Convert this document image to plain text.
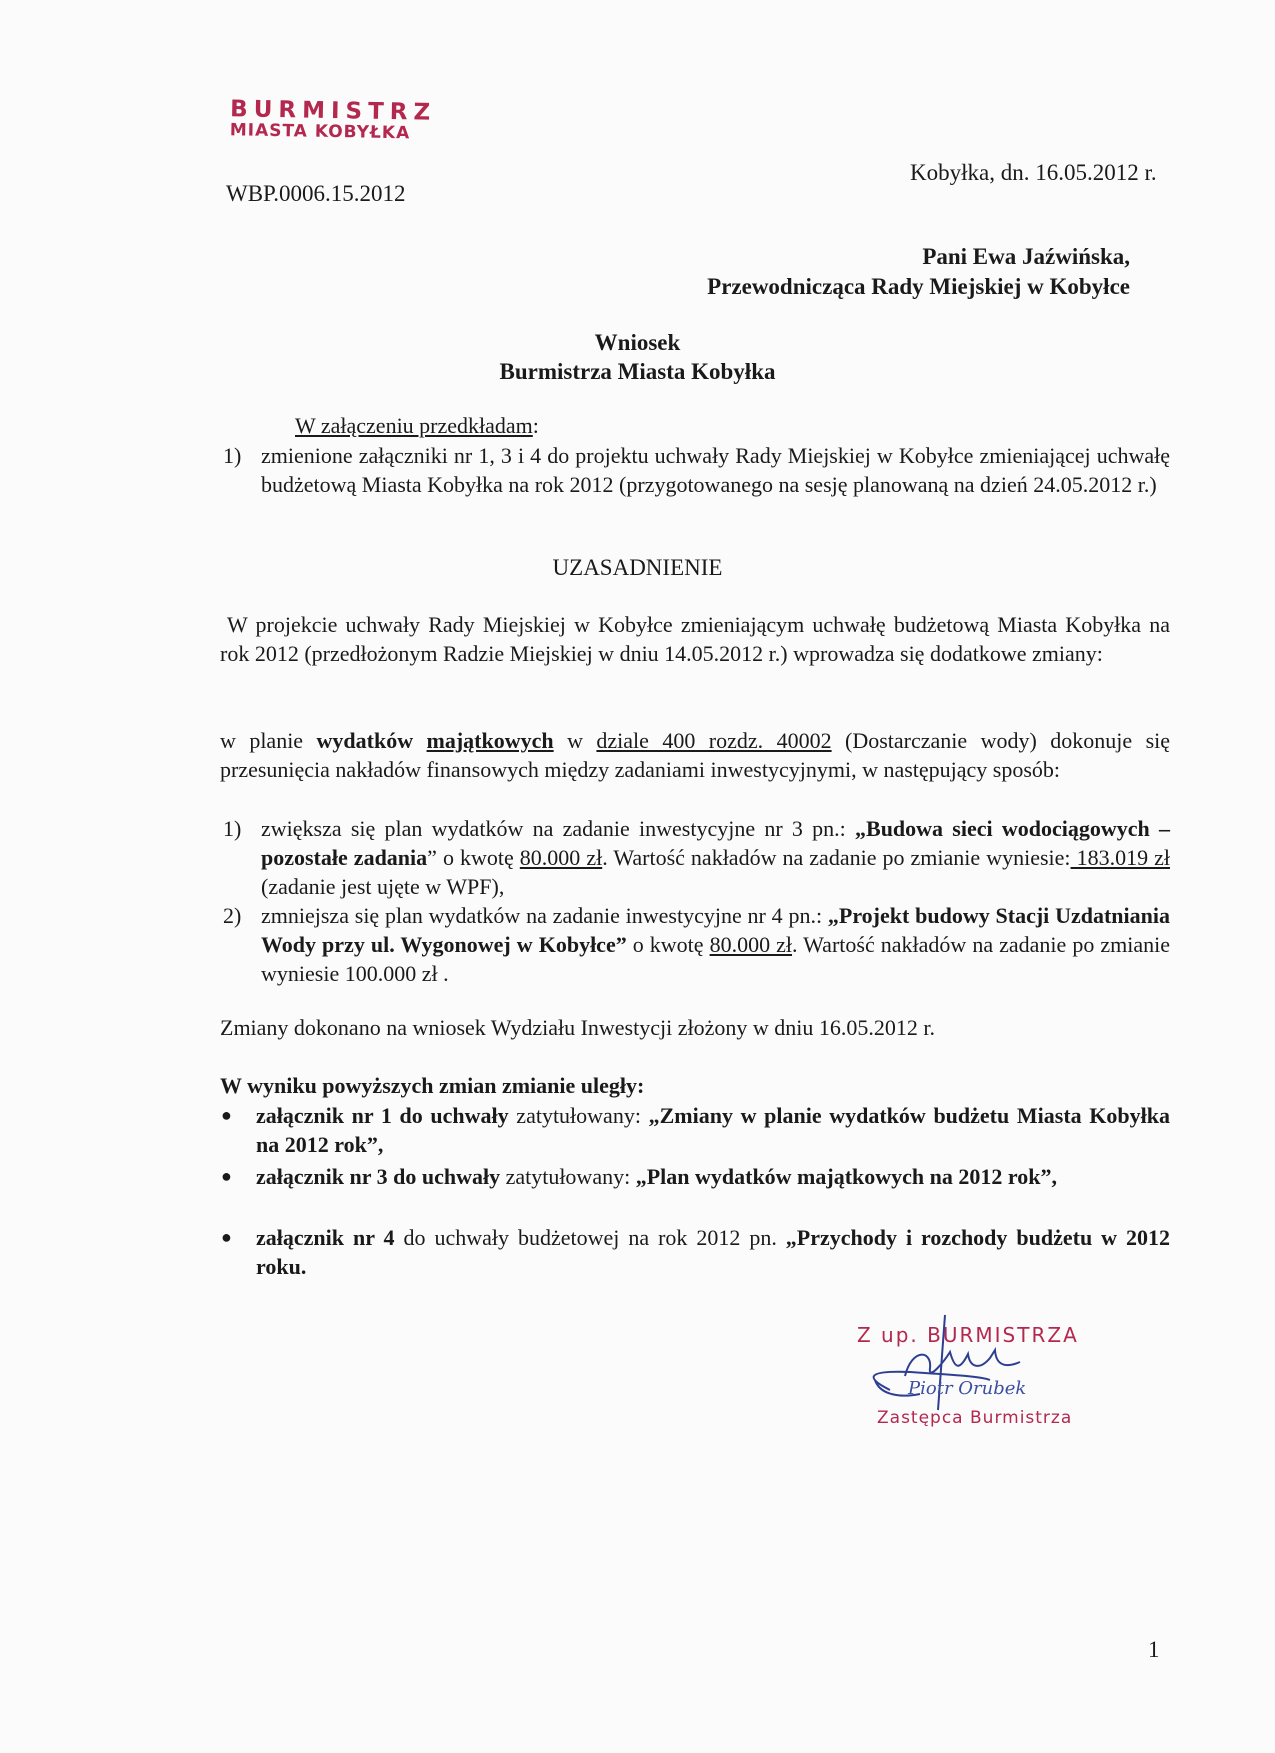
BURMISTRZ
MIASTA KOBYŁKA
WBP.0006.15.2012
Kobyłka, dn. 16.05.2012 r.
Pani Ewa Jaźwińska,
Przewodnicząca Rady Miejskiej w Kobyłce
Wniosek
Burmistrza Miasta Kobyłka
W załączeniu przedkładam:
1) zmienione załączniki nr 1, 3 i 4 do projektu uchwały Rady Miejskiej w Kobyłce zmieniającej uchwałę budżetową Miasta Kobyłka na rok 2012 (przygotowanego na sesję planowaną na dzień 24.05.2012 r.)
UZASADNIENIE
W projekcie uchwały Rady Miejskiej w Kobyłce zmieniającym uchwałę budżetową Miasta Kobyłka na rok 2012 (przedłożonym Radzie Miejskiej w dniu 14.05.2012 r.) wprowadza się dodatkowe zmiany:
w planie wydatków majątkowych w dziale 400 rozdz. 40002 (Dostarczanie wody) dokonuje się przesunięcia nakładów finansowych między zadaniami inwestycyjnymi, w następujący sposób:
1) zwiększa się plan wydatków na zadanie inwestycyjne nr 3 pn.: „Budowa sieci wodociągowych – pozostałe zadania” o kwotę 80.000 zł. Wartość nakładów na zadanie po zmianie wyniesie: 183.019 zł (zadanie jest ujęte w WPF),
2) zmniejsza się plan wydatków na zadanie inwestycyjne nr 4 pn.: „Projekt budowy Stacji Uzdatniania Wody przy ul. Wygonowej w Kobyłce” o kwotę 80.000 zł. Wartość nakładów na zadanie po zmianie wyniesie 100.000 zł .
Zmiany dokonano na wniosek Wydziału Inwestycji złożony w dniu 16.05.2012 r.
W wyniku powyższych zmian zmianie uległy:
● załącznik nr 1 do uchwały zatytułowany: „Zmiany w planie wydatków budżetu Miasta Kobyłka na 2012 rok”,
● załącznik nr 3 do uchwały zatytułowany: „Plan wydatków majątkowych na 2012 rok”,
● załącznik nr 4 do uchwały budżetowej na rok 2012 pn. „Przychody i rozchody budżetu w 2012 roku.
Z up. BURMISTRZA
Piotr Orubek
Zastępca Burmistrza
1
